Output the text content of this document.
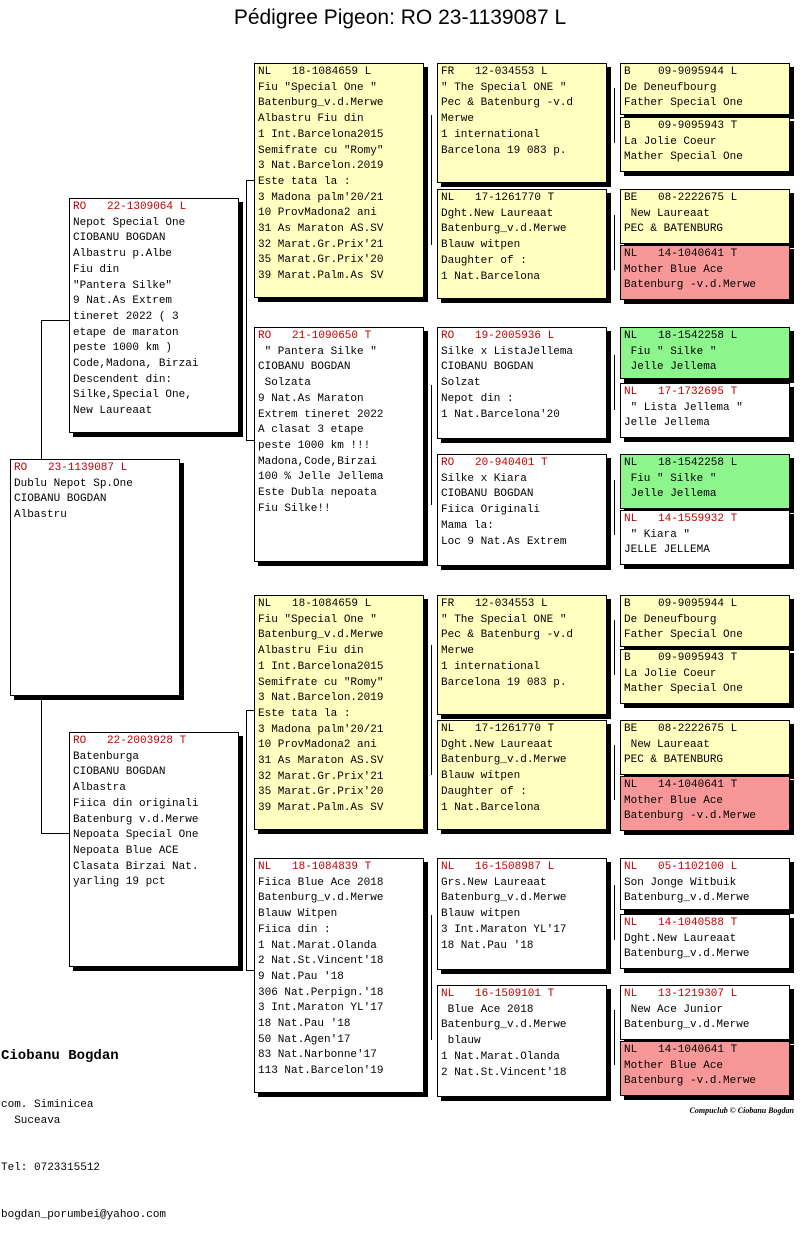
Pédigree Pigeon: RO 23-1139087 L
RO	23-1139087 L
Dublu Nepot Sp.One
CIOBANU BOGDAN
Albastru
RO	22-1309064 L
Nepot Special One
CIOBANU BOGDAN
Albastru p.Albe
Fiu din
"Pantera Silke"
9 Nat.As Extrem
tineret 2022 ( 3
etape de maraton
peste 1000 km )
Code,Madona, Birzai
Descendent din:
Silke,Special One,
New Laureaat
RO	22-2003928 T
Batenburga
CIOBANU BOGDAN
Albastra
Fiica din originali
Batenburg v.d.Merwe
Nepoata Special One
Nepoata Blue ACE
Clasata Birzai Nat.
yarling 19 pct
NL	18-1084659 L
Fiu "Special One "
Batenburg_v.d.Merwe
Albastru Fiu din
1 Int.Barcelona2015
Semifrate cu "Romy"
3 Nat.Barcelon.2019
Este tata la :
3 Madona palm'20/21
10 ProvMadona2 ani
31 As Maraton AS.SV
32 Marat.Gr.Prix'21
35 Marat.Gr.Prix'20
39 Marat.Palm.As SV
RO	21-1090650 T
" Pantera Silke "
CIOBANU BOGDAN
Solzata
9 Nat.As Maraton
Extrem tineret 2022
A clasat 3 etape
peste 1000 km !!!
Madona,Code,Birzai
100 % Jelle Jellema
Este Dubla nepoata
Fiu Silke!!
NL	18-1084659 L
Fiu "Special One "
Batenburg_v.d.Merwe
Albastru Fiu din
1 Int.Barcelona2015
Semifrate cu "Romy"
3 Nat.Barcelon.2019
Este tata la :
3 Madona palm'20/21
10 ProvMadona2 ani
31 As Maraton AS.SV
32 Marat.Gr.Prix'21
35 Marat.Gr.Prix'20
39 Marat.Palm.As SV
NL	18-1084839 T
Fiica Blue Ace 2018
Batenburg_v.d.Merwe
Blauw Witpen
Fiica din :
1 Nat.Marat.Olanda
2 Nat.St.Vincent'18
9 Nat.Pau '18
306 Nat.Perpign.'18
3 Int.Maraton YL'17
18 Nat.Pau '18
50 Nat.Agen'17
83 Nat.Narbonne'17
113 Nat.Barcelon'19
FR	12-034553 L
" The Special ONE "
Pec & Batenburg -v.d
Merwe
1 international
Barcelona 19 083 p.
NL	17-1261770 T
Dght.New Laureaat
Batenburg_v.d.Merwe
Blauw witpen
Daughter of :
1 Nat.Barcelona
RO	19-2005936 L
Silke x ListaJellema
CIOBANU BOGDAN
Solzat
Nepot din :
1 Nat.Barcelona'20
RO	20-940401 T
Silke x Kiara
CIOBANU BOGDAN
Fiica Originali
Mama la:
Loc 9 Nat.As Extrem
FR	12-034553 L
" The Special ONE "
Pec & Batenburg -v.d
Merwe
1 international
Barcelona 19 083 p.
NL	17-1261770 T
Dght.New Laureaat
Batenburg_v.d.Merwe
Blauw witpen
Daughter of :
1 Nat.Barcelona
NL	16-1508987 L
Grs.New Laureaat
Batenburg_v.d.Merwe
Blauw witpen
3 Int.Maraton YL'17
18 Nat.Pau '18
NL	16-1509101 T
Blue Ace 2018
Batenburg_v.d.Merwe
blauw
1 Nat.Marat.Olanda
2 Nat.St.Vincent'18
B	09-9095944 L
De Deneufbourg
Father Special One
B	09-9095943 T
La Jolie Coeur
Mather Special One
BE	08-2222675 L
New Laureaat
PEC & BATENBURG
NL	14-1040641 T
Mother Blue Ace
Batenburg -v.d.Merwe
NL	18-1542258 L
Fiu " Silke "
Jelle Jellema
NL	17-1732695 T
" Lista Jellema "
Jelle Jellema
NL	18-1542258 L
Fiu " Silke "
Jelle Jellema
NL	14-1559932 T
" Kiara "
JELLE JELLEMA
B	09-9095944 L
De Deneufbourg
Father Special One
B	09-9095943 T
La Jolie Coeur
Mather Special One
BE	08-2222675 L
New Laureaat
PEC & BATENBURG
NL	14-1040641 T
Mother Blue Ace
Batenburg -v.d.Merwe
NL	05-1102100 L
Son Jonge Witbuik
Batenburg_v.d.Merwe
NL	14-1040588 T
Dght.New Laureaat
Batenburg_v.d.Merwe
NL	13-1219307 L
New Ace Junior
Batenburg_v.d.Merwe
NL	14-1040641 T
Mother Blue Ace
Batenburg -v.d.Merwe

Ciobanu Bogdan

com. Siminicea
Suceava

Tel: 0723315512

bogdan_porumbei@yahoo.com

Compuclub © Ciobanu Bogdan
